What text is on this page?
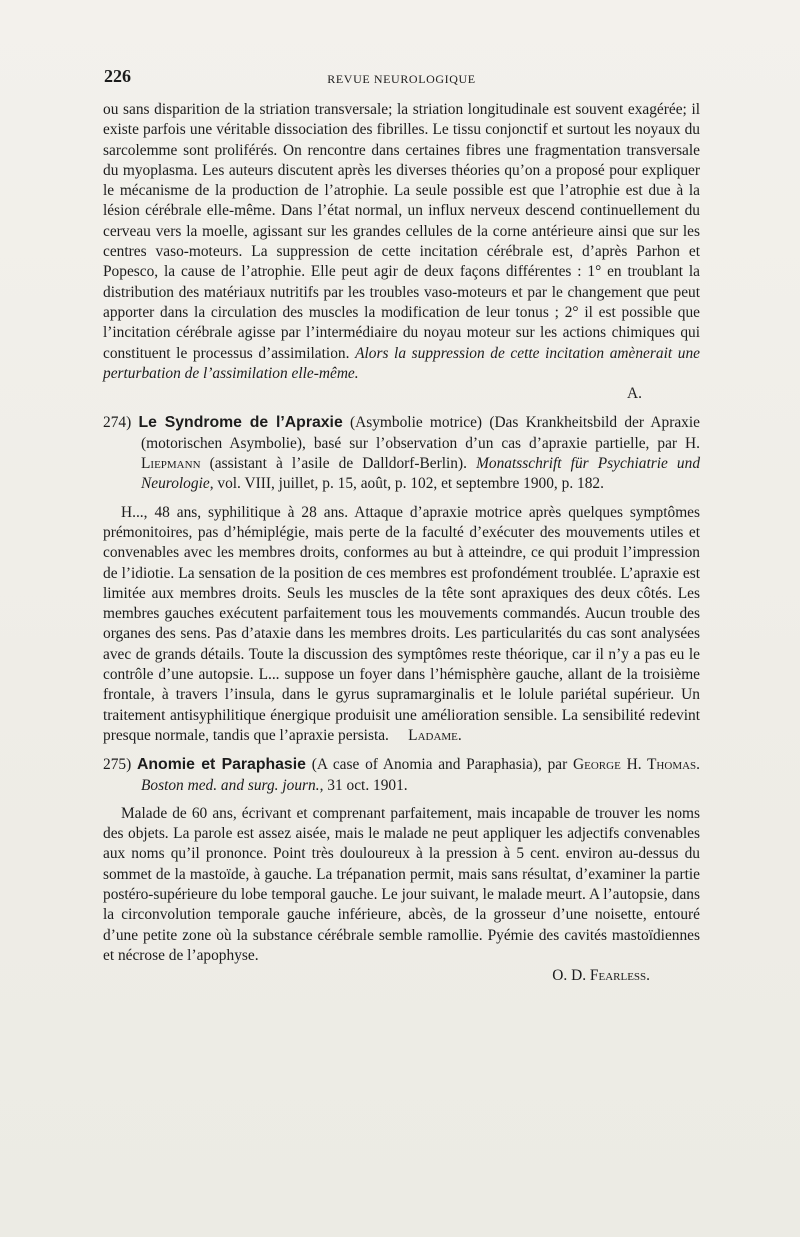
226	REVUE NEUROLOGIQUE

ou sans disparition de la striation transversale; la striation longitudinale est souvent exagérée; il existe parfois une véritable dissociation des fibrilles. Le tissu conjonctif et surtout les noyaux du sarcolemme sont proliférés. On rencontre dans certaines fibres une fragmentation transversale du myoplasma. Les auteurs discutent après les diverses théories qu’on a proposé pour expliquer le mécanisme de la production de l’atrophie. La seule possible est que l’atrophie est due à la lésion cérébrale elle-même. Dans l’état normal, un influx nerveux descend continuellement du cerveau vers la moelle, agissant sur les grandes cellules de la corne antérieure ainsi que sur les centres vaso-moteurs. La suppression de cette incitation cérébrale est, d’après Parhon et Popesco, la cause de l’atrophie. Elle peut agir de deux façons différentes : 1° en troublant la distribution des matériaux nutritifs par les troubles vaso-moteurs et par le changement que peut apporter dans la circulation des muscles la modification de leur tonus ; 2° il est possible que l’incitation cérébrale agisse par l’intermédiaire du noyau moteur sur les actions chimiques qui constituent le processus d’assimilation. Alors la suppression de cette incitation amènerait une perturbation de l’assimilation elle-même.

A.
274) Le Syndrome de l’Apraxie (Asymbolie motrice) (Das Krankheitsbild der Apraxie (motorischen Asymbolie), basé sur l’observation d’un cas d’apraxie partielle, par H. Liepmann (assistant à l’asile de Dalldorf-Berlin). Monatsschrift für Psychiatrie und Neurologie, vol. VIII, juillet, p. 15, août, p. 102, et septembre 1900, p. 182.

H..., 48 ans, syphilitique à 28 ans. Attaque d’apraxie motrice après quelques symptômes prémonitoires, pas d’hémiplégie, mais perte de la faculté d’exécuter des mouvements utiles et convenables avec les membres droits, conformes au but à atteindre, ce qui produit l’impression de l’idiotie. La sensation de la position de ces membres est profondément troublée. L’apraxie est limitée aux membres droits. Seuls les muscles de la tête sont apraxiques des deux côtés. Les membres gauches exécutent parfaitement tous les mouvements commandés. Aucun trouble des organes des sens. Pas d’ataxie dans les membres droits. Les particularités du cas sont analysées avec de grands détails. Toute la discussion des symptômes reste théorique, car il n’y a pas eu le contrôle d’une autopsie. L... suppose un foyer dans l’hémisphère gauche, allant de la troisième frontale, à travers l’insula, dans le gyrus supramarginalis et le lolule pariétal supérieur. Un traitement antisyphilitique énergique produisit une amélioration sensible. La sensibilité redevint presque normale, tandis que l’apraxie persista. Ladame.

275) Anomie et Paraphasie (A case of Anomia and Paraphasia), par George H. Thomas. Boston med. and surg. journ., 31 oct. 1901.

Malade de 60 ans, écrivant et comprenant parfaitement, mais incapable de trouver les noms des objets. La parole est assez aisée, mais le malade ne peut appliquer les adjectifs convenables aux noms qu’il prononce. Point très douloureux à la pression à 5 cent. environ au-dessus du sommet de la mastoïde, à gauche. La trépanation permit, mais sans résultat, d’examiner la partie postéro-supérieure du lobe temporal gauche. Le jour suivant, le malade meurt. A l’autopsie, dans la circonvolution temporale gauche inférieure, abcès, de la grosseur d’une noisette, entouré d’une petite zone où la substance cérébrale semble ramollie. Pyémie des cavités mastoïdiennes et nécrose de l’apophyse.

O. D. Fearless.
